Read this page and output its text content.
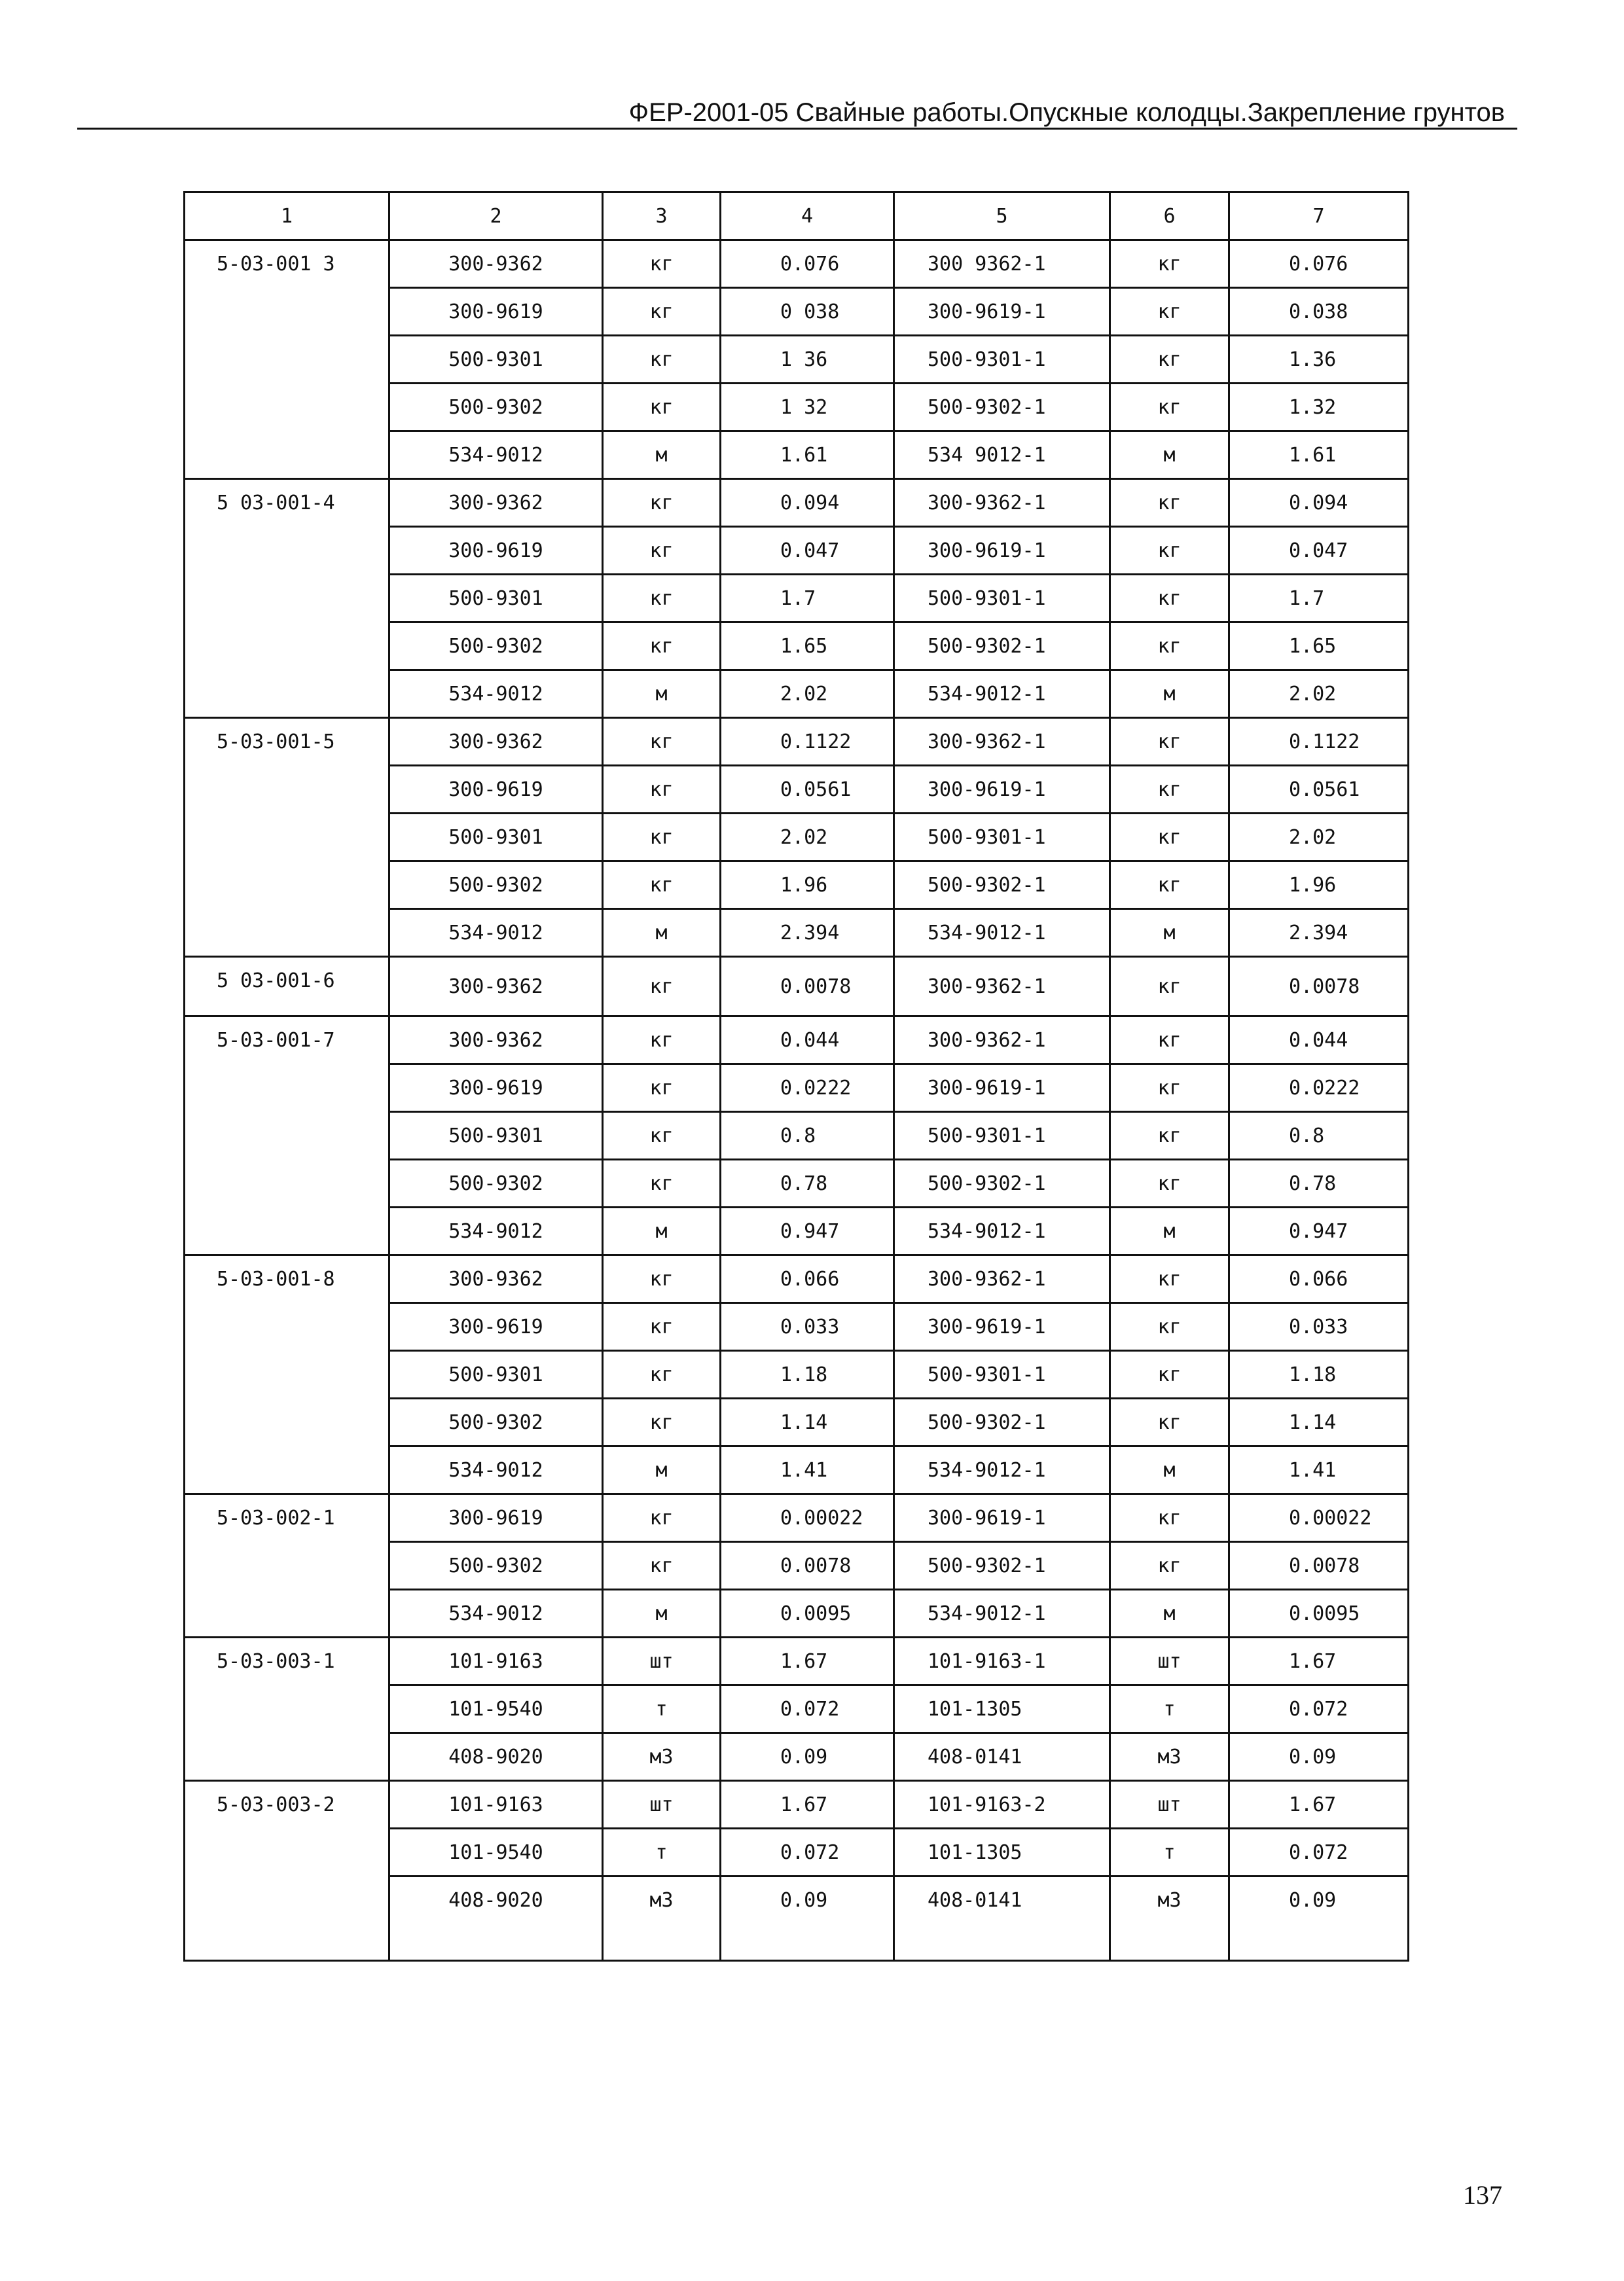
ФЕР-2001-05 Свайные работы.Опускные колодцы.Закрепление грунтов
1	2	3	4	5	6	7
5-03-001 3	300-9362	кг	0.076	300 9362-1	кг	0.076
	300-9619	кг	0 038	300-9619-1	кг	0.038
	500-9301	кг	1 36	500-9301-1	кг	1.36
	500-9302	кг	1 32	500-9302-1	кг	1.32
	534-9012	м	1.61	534 9012-1	м	1.61
5 03-001-4	300-9362	кг	0.094	300-9362-1	кг	0.094
	300-9619	кг	0.047	300-9619-1	кг	0.047
	500-9301	кг	1.7	500-9301-1	кг	1.7
	500-9302	кг	1.65	500-9302-1	кг	1.65
	534-9012	м	2.02	534-9012-1	м	2.02
5-03-001-5	300-9362	кг	0.1122	300-9362-1	кг	0.1122
	300-9619	кг	0.0561	300-9619-1	кг	0.0561
	500-9301	кг	2.02	500-9301-1	кг	2.02
	500-9302	кг	1.96	500-9302-1	кг	1.96
	534-9012	м	2.394	534-9012-1	м	2.394
5 03-001-6	300-9362	кг	0.0078	300-9362-1	кг	0.0078
5-03-001-7	300-9362	кг	0.044	300-9362-1	кг	0.044
	300-9619	кг	0.0222	300-9619-1	кг	0.0222
	500-9301	кг	0.8	500-9301-1	кг	0.8
	500-9302	кг	0.78	500-9302-1	кг	0.78
	534-9012	м	0.947	534-9012-1	м	0.947
5-03-001-8	300-9362	кг	0.066	300-9362-1	кг	0.066
	300-9619	кг	0.033	300-9619-1	кг	0.033
	500-9301	кг	1.18	500-9301-1	кг	1.18
	500-9302	кг	1.14	500-9302-1	кг	1.14
	534-9012	м	1.41	534-9012-1	м	1.41
5-03-002-1	300-9619	кг	0.00022	300-9619-1	кг	0.00022
	500-9302	кг	0.0078	500-9302-1	кг	0.0078
	534-9012	м	0.0095	534-9012-1	м	0.0095
5-03-003-1	101-9163	шт	1.67	101-9163-1	шт	1.67
	101-9540	т	0.072	101-1305	т	0.072
	408-9020	м3	0.09	408-0141	м3	0.09
5-03-003-2	101-9163	шт	1.67	101-9163-2	шт	1.67
	101-9540	т	0.072	101-1305	т	0.072
	408-9020	м3	0.09	408-0141	м3	0.09
137
